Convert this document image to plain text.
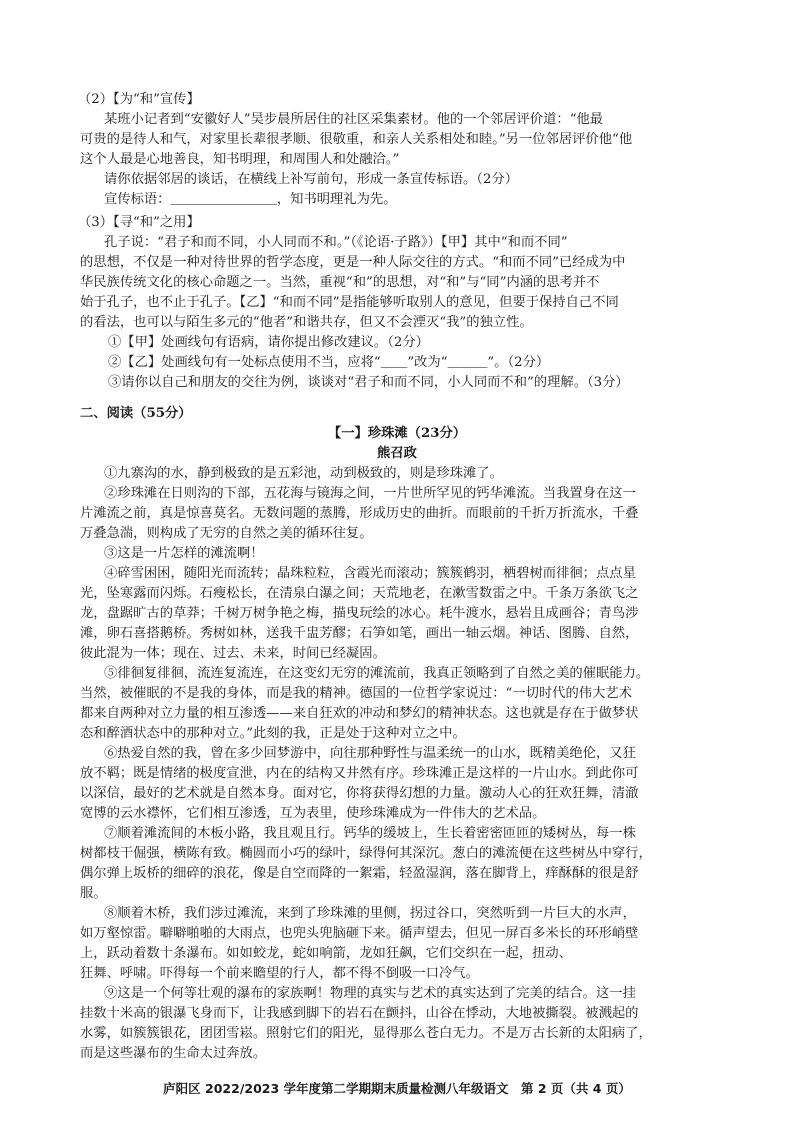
（2）【为“和”宣传】

某班小记者到“安徽好人”吴步晨所居住的社区采集素材。他的一个邻居评价道：“他最

可贵的是待人和气，对家里长辈很孝顺、很敬重，和亲人关系相处和睦。”另一位邻居评价他“他

这个人最是心地善良，知书明理，和周围人和处融洽。”

请你依据邻居的谈话，在横线上补写前句，形成一条宣传标语。（2分）

宣传标语：＿＿＿＿＿＿＿＿，知书明理礼为先。

（3）【寻“和”之用】

孔子说：“君子和而不同，小人同而不和。”（《论语·子路》）【甲】其中“和而不同”

的思想，不仅是一种对待世界的哲学态度，更是一种人际交往的方式。“和而不同”已经成为中

华民族传统文化的核心命题之一。当然，重视“和”的思想，对“和”与“同”内涵的思考并不

始于孔子，也不止于孔子。【乙】“和而不同”是指能够听取别人的意见，但要于保持自己不同

的看法，也可以与陌生多元的“他者”和谐共存，但又不会湮灭“我”的独立性。

①【甲】处画线句有语病，请你提出修改建议。（2分）

②【乙】处画线句有一处标点使用不当，应将“＿＿”改为“＿＿＿”。（2分）

③请你以自己和朋友的交往为例，谈谈对“君子和而不同，小人同而不和”的理解。（3分）

二、阅读（55分）

【一】珍珠滩（23分）

熊召政

①九寨沟的水，静到极致的是五彩池，动到极致的，则是珍珠滩了。

②珍珠滩在日则沟的下部，五花海与镜海之间，一片世所罕见的钙华滩流。当我置身在这一

片滩流之前，真是惊喜莫名。无数问题的蒸腾，形成历史的曲折。而眼前的千折万折流水，千叠

万叠急湍，则构成了无穷的自然之美的循环往复。

③这是一片怎样的滩流啊！

④碎雪困困，随阳光而流转；晶珠粒粒，含霞光而滚动；簇簇鹤羽，栖碧树而徘徊；点点星

光，坠寒露而闪烁。石瘦松长，在清泉白瀑之间；天荒地老，在漱雪数雷之中。千条万条欲飞之

龙，盘踞旷古的草莽；千树万树争艳之梅，描曳玩绘的冰心。耗牛渡水，悬岩且成画谷；青鸟涉

滩，卵石喜搭鹅桥。秀树如林，送我千盅芳醪；石笋如笔，画出一轴云烟。神话、图腾、自然，

彼此混为一体；现在、过去、未来，时间已经凝固。

⑤徘徊复徘徊，流连复流连，在这变幻无穷的滩流前，我真正领略到了自然之美的催眠能力。

当然，被催眠的不是我的身体，而是我的精神。德国的一位哲学家说过：“一切时代的伟大艺术

都来自两种对立力量的相互渗透——来自狂欢的冲动和梦幻的精神状态。这也就是存在于做梦状

态和醉酒状态中的那种对立。”此刻的我，正是处于这种对立之中。

⑥热爱自然的我，曾在多少回梦游中，向往那种野性与温柔统一的山水，既精美绝伦，又狂

放不羁；既是情绪的极度宣泄，内在的结构又井然有序。珍珠滩正是这样的一片山水。到此你可

以深信，最好的艺术就是自然本身。面对它，你将获得幻想的力量。激动人心的狂欢狂舞，清澈

宽博的云水襟怀，它们相互渗透，互为表里，使珍珠滩成为一件伟大的艺术品。

⑦顺着滩流间的木板小路，我且观且行。钙华的缓坡上，生长着密密匝匝的矮树丛，每一株

树都枝干倔强，横陈有致。椭圆而小巧的绿叶，绿得何其深沉。葱白的滩流便在这些树丛中穿行，

偶尔弹上坂桥的细碎的浪花，像是自空而降的一絮霜，轻盈湿润，落在脚背上，痒酥酥的很是舒

服。

⑧顺着木桥，我们涉过滩流，来到了珍珠滩的里侧，拐过谷口，突然听到一片巨大的水声，

如万壑惊雷。噼噼啪啪的大雨点，也兜头兜脑砸下来。循声望去，但见一屏百多米长的环形峭壁

上，跃动着数十条瀑布。如如蛟龙，蛇如响箭，龙如狂飙，它们交织在一起，扭动、

狂舞、呼啸。吓得每一个前来瞻望的行人，都不得不倒吸一口冷气。

⑨这是一个何等壮观的瀑布的家族啊！物理的真实与艺术的真实达到了完美的结合。这一挂

挂数十米高的银瀑飞身而下，让我感到脚下的岩石在颤抖，山谷在悸动，大地被撕裂。被溅起的

水雾，如簇簇银花，团团雪崧。照射它们的阳光，显得那么苍白无力。不是万古长新的太阳病了，

而是这些瀑布的生命太过奔放。

庐阳区 2022/2023 学年度第二学期期末质量检测八年级语文　第 2 页（共 4 页）
